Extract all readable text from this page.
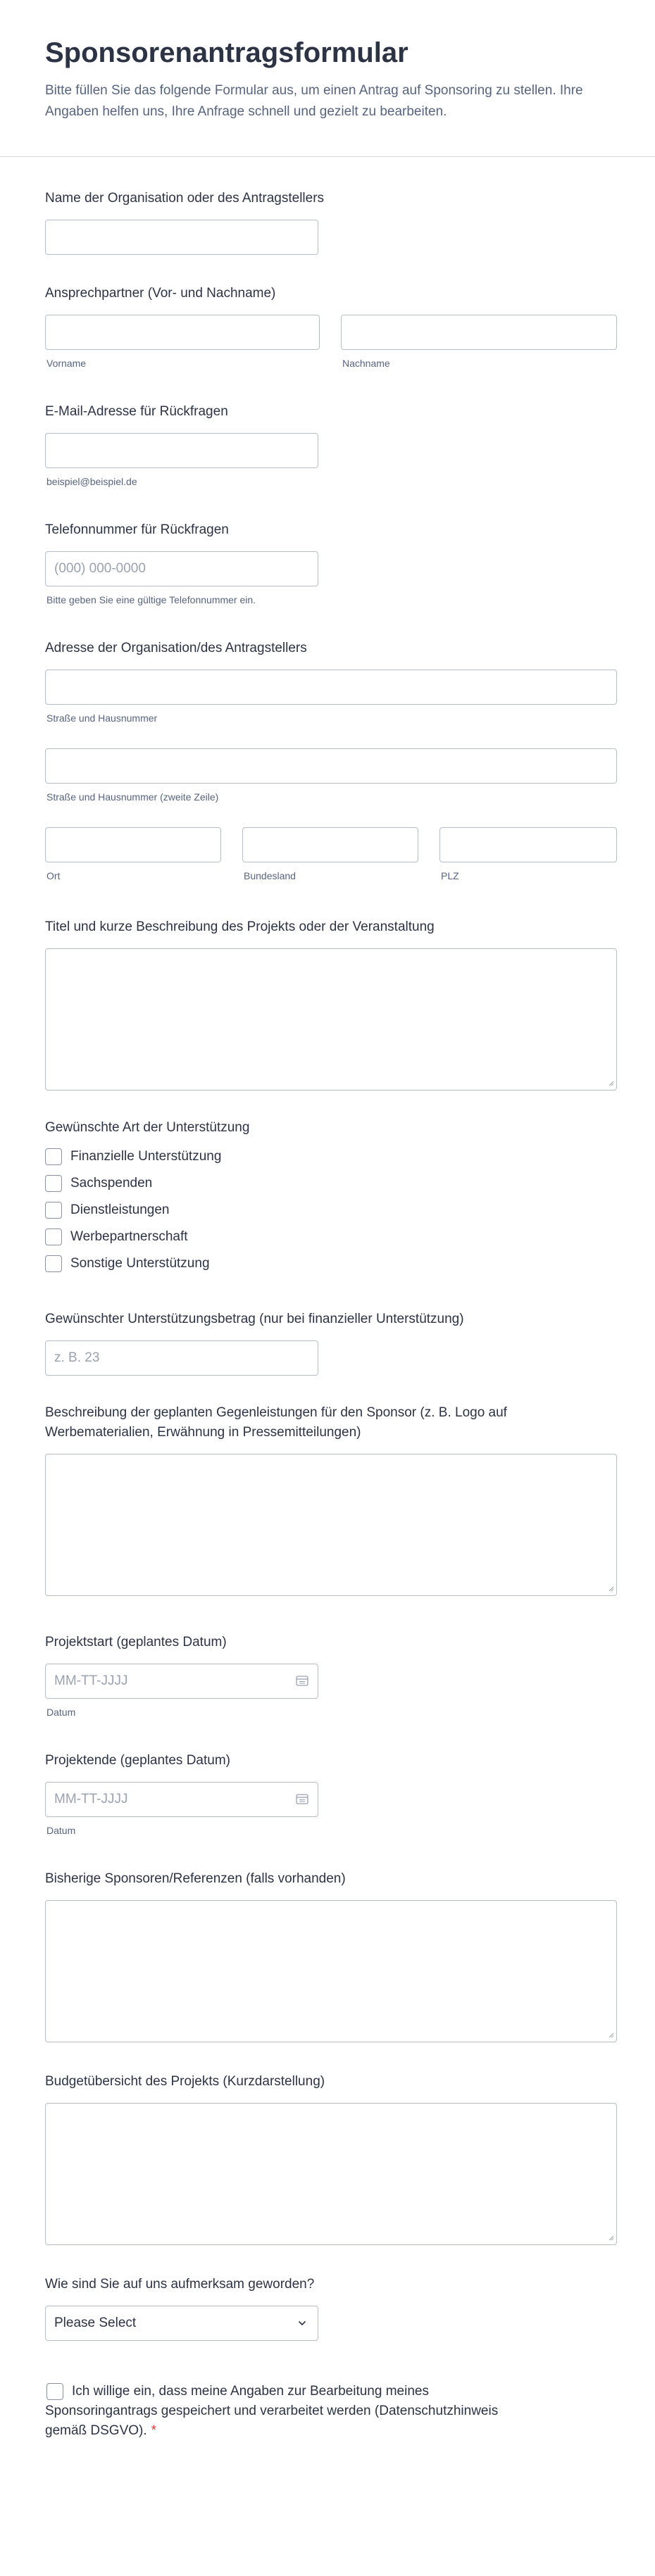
Sponsorenantragsformular

Bitte füllen Sie das folgende Formular aus, um einen Antrag auf Sponsoring zu stellen. Ihre Angaben helfen uns, Ihre Anfrage schnell und gezielt zu bearbeiten.

Name der Organisation oder des Antragstellers
Ansprechpartner (Vor- und Nachname)
Vorname	Nachname
E-Mail-Adresse für Rückfragen
beispiel@beispiel.de
Telefonnummer für Rückfragen
(000) 000-0000
Bitte geben Sie eine gültige Telefonnummer ein.
Adresse der Organisation/des Antragstellers
Straße und Hausnummer
Straße und Hausnummer (zweite Zeile)
Ort	Bundesland	PLZ
Titel und kurze Beschreibung des Projekts oder der Veranstaltung
Gewünschte Art der Unterstützung
Finanzielle Unterstützung
Sachspenden
Dienstleistungen
Werbepartnerschaft
Sonstige Unterstützung
Gewünschter Unterstützungsbetrag (nur bei finanzieller Unterstützung)
z. B. 23
Beschreibung der geplanten Gegenleistungen für den Sponsor (z. B. Logo auf Werbematerialien, Erwähnung in Pressemitteilungen)
Projektstart (geplantes Datum)
MM-TT-JJJJ
Datum
Projektende (geplantes Datum)
MM-TT-JJJJ
Datum
Bisherige Sponsoren/Referenzen (falls vorhanden)
Budgetübersicht des Projekts (Kurzdarstellung)
Wie sind Sie auf uns aufmerksam geworden?
Please Select

Ich willige ein, dass meine Angaben zur Bearbeitung meines Sponsoringantrags gespeichert und verarbeitet werden (Datenschutzhinweis gemäß DSGVO). *
